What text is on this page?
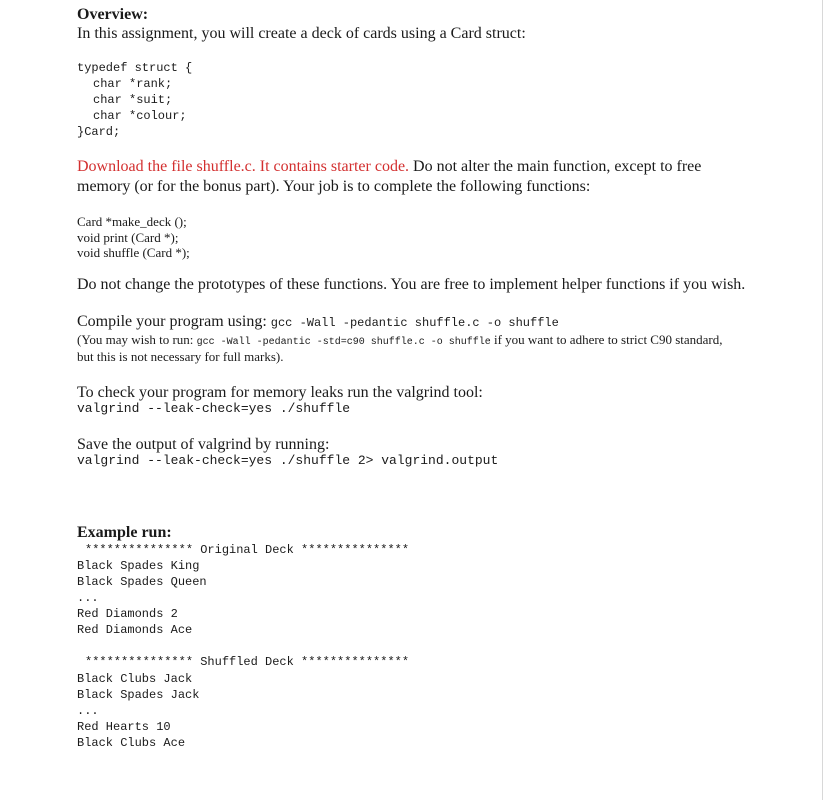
Overview:
In this assignment, you will create a deck of cards using a Card struct:
typedef struct {
char *rank;
char *suit;
char *colour;
}Card;
Download the file shuffle.c. It contains starter code. Do not alter the main function, except to free
memory (or for the bonus part). Your job is to complete the following functions:
Card *make_deck ();
void print (Card *);
void shuffle (Card *);
Do not change the prototypes of these functions. You are free to implement helper functions if you wish.
Compile your program using: gcc -Wall -pedantic shuffle.c -o shuffle
(You may wish to run: gcc -Wall -pedantic -std=c90 shuffle.c -o shuffle if you want to adhere to strict C90 standard,
but this is not necessary for full marks).
To check your program for memory leaks run the valgrind tool:
valgrind --leak-check=yes ./shuffle
Save the output of valgrind by running:
valgrind --leak-check=yes ./shuffle 2> valgrind.output
Example run:
*************** Original Deck ***************
Black Spades King
Black Spades Queen
...
Red Diamonds 2
Red Diamonds Ace
*************** Shuffled Deck ***************
Black Clubs Jack
Black Spades Jack
...
Red Hearts 10
Black Clubs Ace
